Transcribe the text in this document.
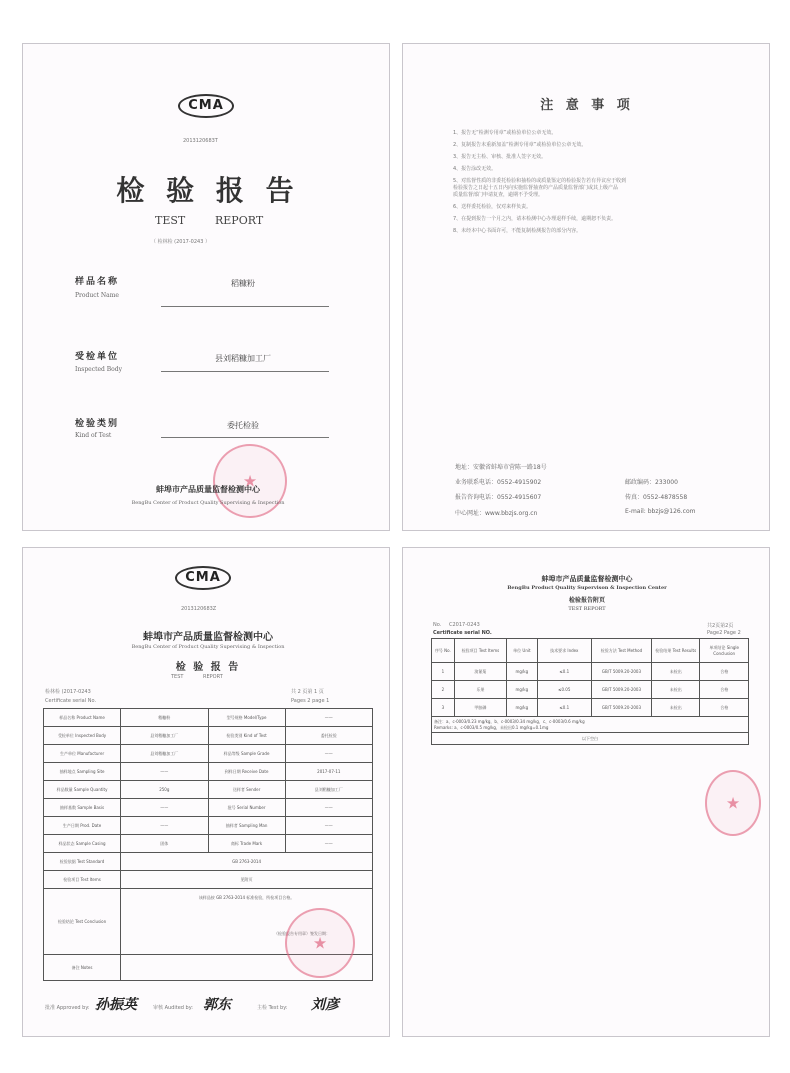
CMA
2013120683T
检 验 报 告
TEST	REPORT
（ 检林检 (2017-0243 ）
样品名称
Product Name
稻糠粉
受检单位
Inspected Body
县刘稻糠加工厂
检验类别
Kind of Test
委托检验
★
蚌埠市产品质量监督检测中心
BengBu Center of Product Quality Supervising & Inspection
注 意 事 项
1、报告无“检测专用章”或检验单位公章无效。
2、复制报告未重新加盖“检测专用章”或检验单位公章无效。
3、报告无主检、审核、批准人签字无效。
4、报告涂改无效。
5、对监督性质的非委托检验和抽检的或质量鉴定的检验报告若有异议应于收到
检验报告之日起十五日内向实施监督抽查的产品质量监督部门或其上级产品
质量监督部门申请复查，逾期不予受理。
6、送样委托检验，仅对来样负责。
7、在提到报告一个月之内，请本检测中心办理退样手续，逾期恕不负责。
8、未经本中心书面许可，不能复制检测报告的部分内容。
地址：安徽省蚌埠市营陈一路18号
业务联系电话：0552-4915902	邮政编码：233000
报告咨询电话：0552-4915607	传真：0552-4878558
中心网址：www.bbzjs.org.cn	E-mail: bbzjs@126.com
CMA
2013120683Z
蚌埠市产品质量监督检测中心
BengBu Center of Product Quality Supervising & Inspection
检 验 报 告
TEST	REPORT
检林检 (2017-0243	共 2 页第 1 页
Certificate serial No.	Pages 2 page 1
样品名称 Product Name	稻糠粉	型号规格 Model/Type	——
受检单位 Inspected Body	县刘稻糠加工厂	检验类别 Kind of Test	委托检验
生产单位 Manufacturer	县刘稻糠加工厂	样品等级 Sample Grade	——
抽样地点 Sampling Site	——	到样日期 Receive Date	2017-07-11
样品数量 Sample Quantity	250g	送样者 Sender	县刘稻糠加工厂
抽样基数 Sample Basis	——	批号 Serial Number	——
生产日期 Prod. Date	——	抽样者 Sampling Man	——
样品状态 Sample Casing	固体	商标 Trade Mark	——
检验依据 Test Standard	GB 2763-2014		
检验项目 Test Items	见附页		
检验结论 Test Conclusion	该样品按 GB 2763-2014 标准检验，所检项目合格。
（检验报告专用章）签发日期：		

备注 Notes			
★
批准 Approved by: 孙振英	审核 Audited by: 郭东	主检 Test by: 刘彦
蚌埠市产品质量监督检测中心
BengBu Product Quality Supervison & Inspection Center
检验报告附页
TEST REPORT
No. C2017-0243
Certificate serial NO.
共2页第2页
Page2 Page 2
序号 No.	检验项目 Test Items	单位 Unit	技术要求 Index	检验方法 Test Method	检验结果 Test Results	单项结论 Single Conclusion
1	溴氰菊	mg/kg	≤0.1	GB/T 5009.20-2003	未检出	合格
2	乐果	mg/kg	≤0.05	GB/T 5009.20-2003	未检出	合格
3	甲胺磷	mg/kg	≤0.1	GB/T 5009.20-2003	未检出	合格

备注：a、c-0003/0.23 mg/kg，b、c-0003/0.34 mg/kg，c、c-0003/0.6 mg/kg
Remarks: a、c-0003/0.5 mg/kg，未检出0.1 mg/kg=0.1mg						

以下空白						
★
